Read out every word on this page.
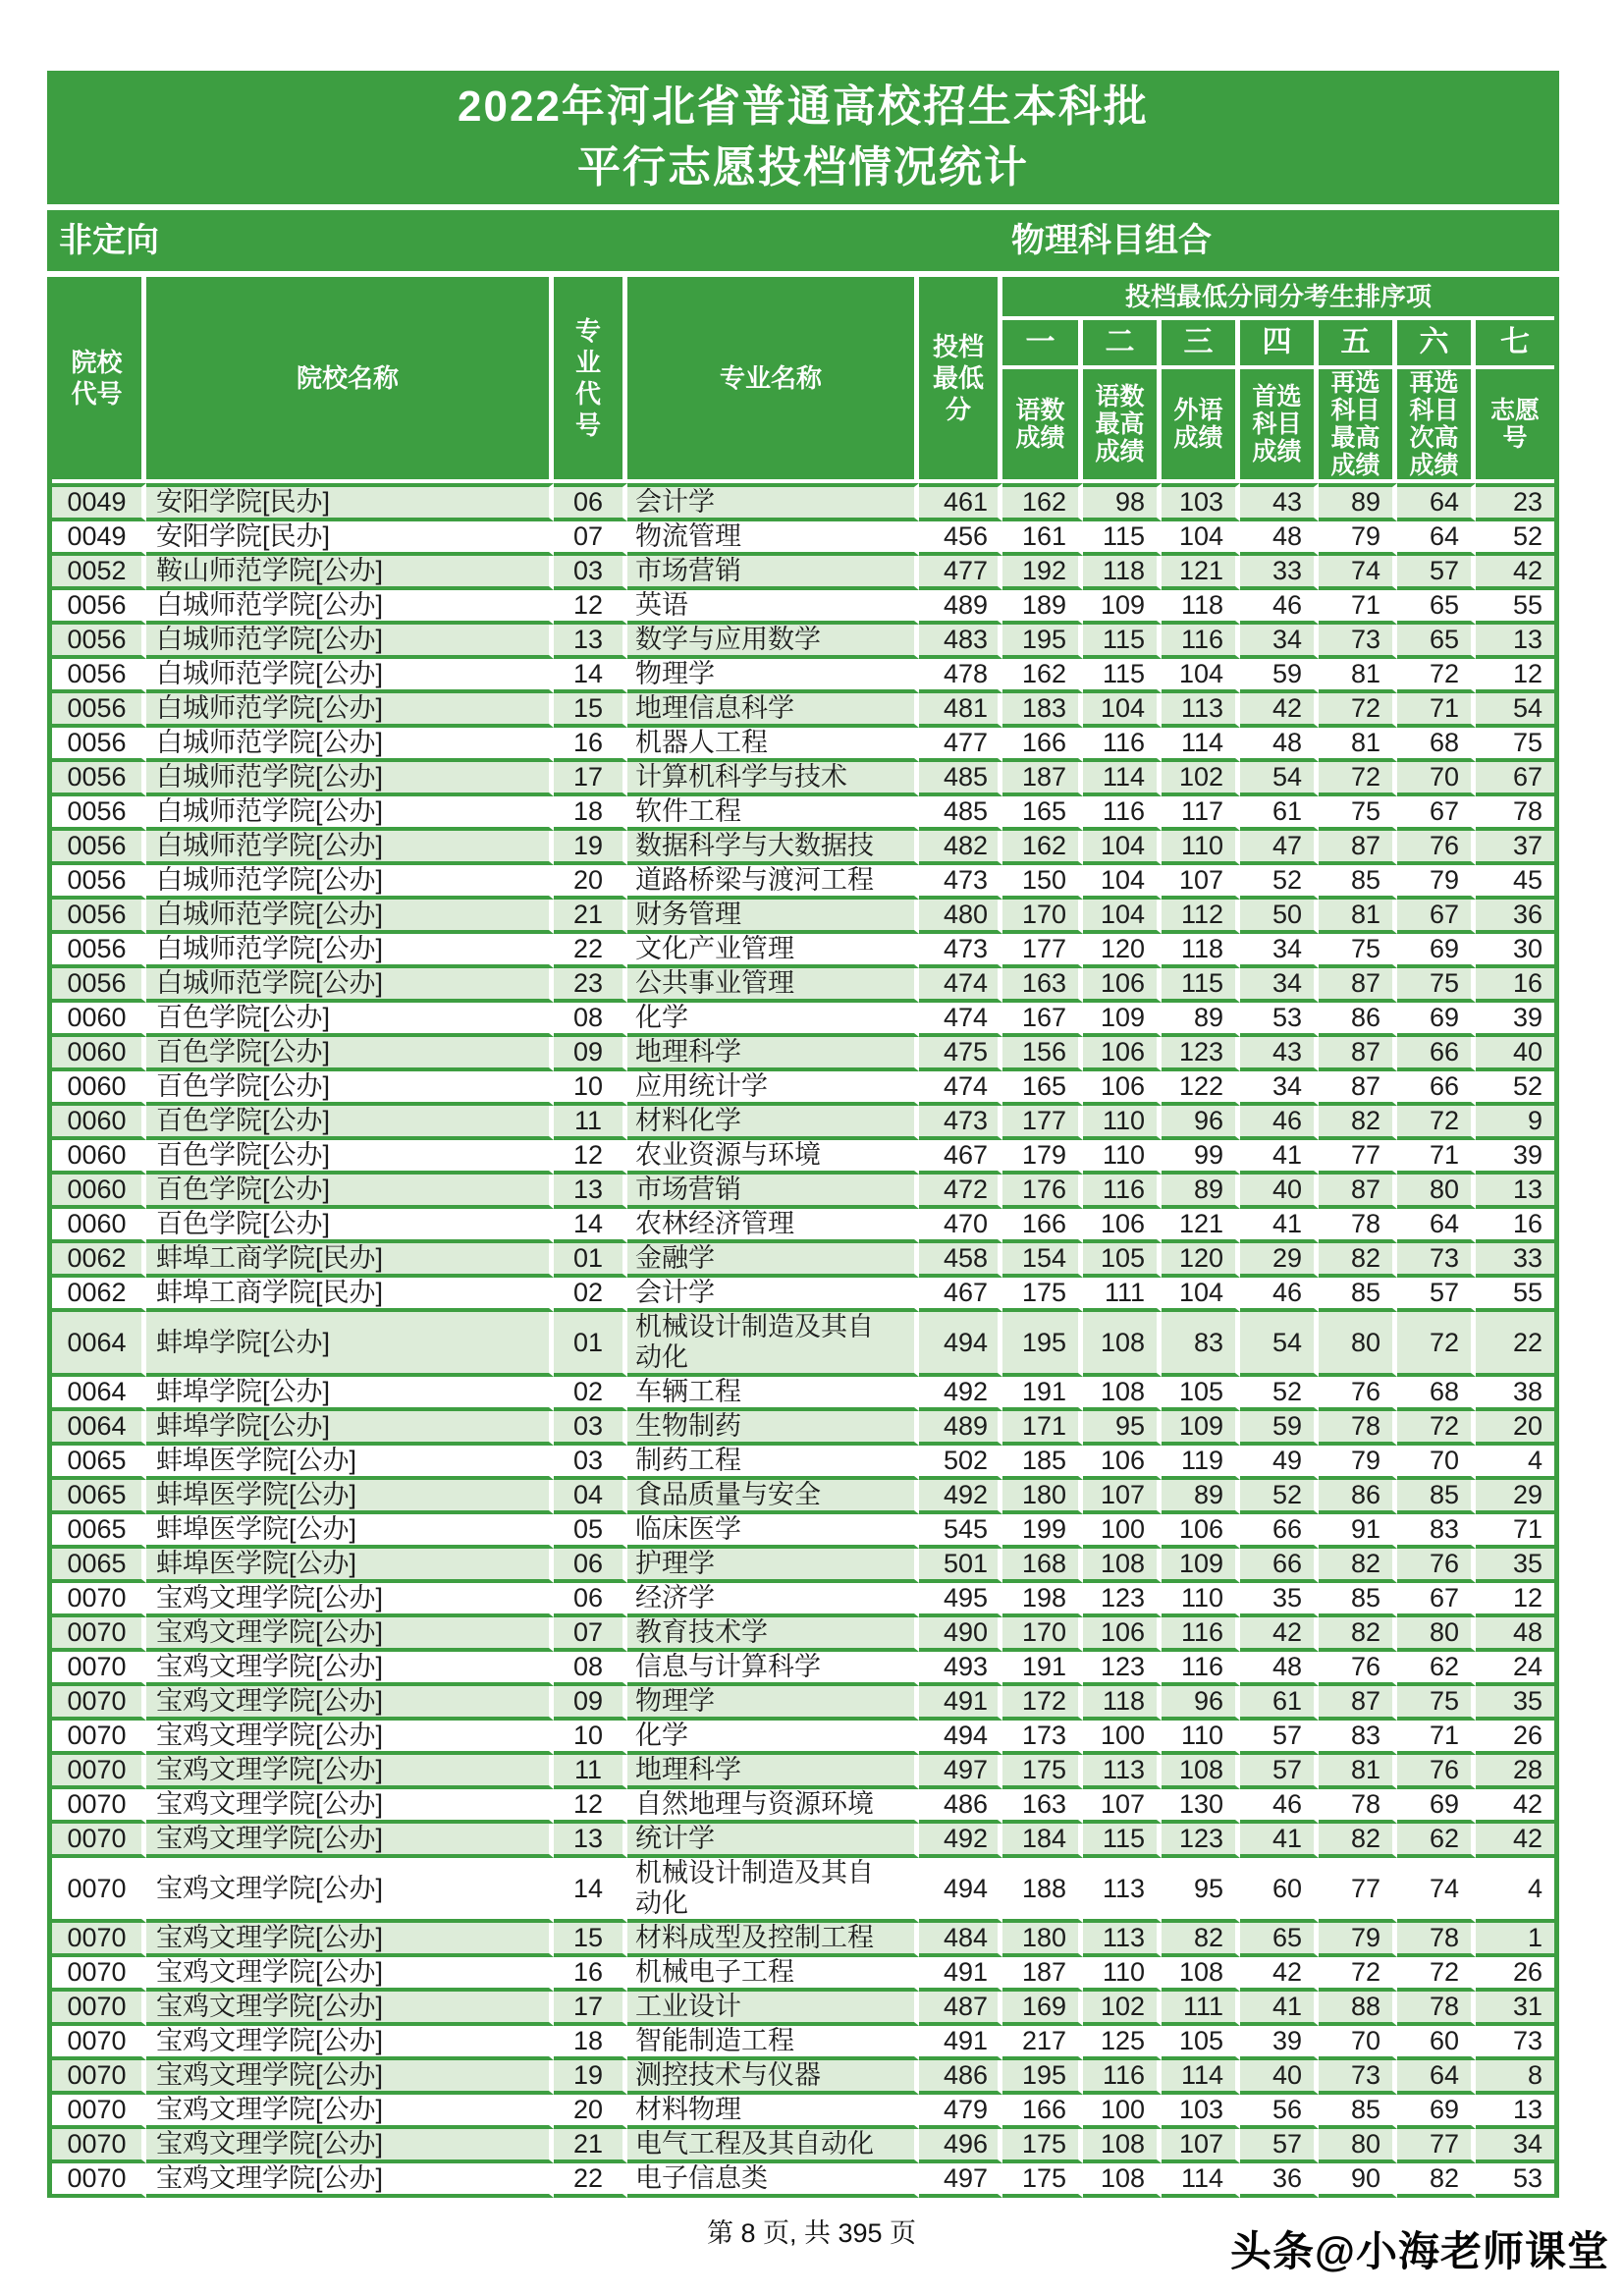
2022年河北省普通高校招生本科批
平行志愿投档情况统计
非定向	物理科目组合
院校代号	院校名称	专业代号	专业名称	投档最低分	投档最低分同分考生排序项						
					一	二	三	四	五	六	七
					语数成绩	语数最高成绩	外语成绩	首选科目成绩	再选科目最高成绩	再选科目次高成绩	志愿号
0049	安阳学院[民办]	06	会计学	461	162	98	103	43	89	64	23
0049	安阳学院[民办]	07	物流管理	456	161	115	104	48	79	64	52
0052	鞍山师范学院[公办]	03	市场营销	477	192	118	121	33	74	57	42
0056	白城师范学院[公办]	12	英语	489	189	109	118	46	71	65	55
0056	白城师范学院[公办]	13	数学与应用数学	483	195	115	116	34	73	65	13
0056	白城师范学院[公办]	14	物理学	478	162	115	104	59	81	72	12
0056	白城师范学院[公办]	15	地理信息科学	481	183	104	113	42	72	71	54
0056	白城师范学院[公办]	16	机器人工程	477	166	116	114	48	81	68	75
0056	白城师范学院[公办]	17	计算机科学与技术	485	187	114	102	54	72	70	67
0056	白城师范学院[公办]	18	软件工程	485	165	116	117	61	75	67	78
0056	白城师范学院[公办]	19	数据科学与大数据技	482	162	104	110	47	87	76	37
0056	白城师范学院[公办]	20	道路桥梁与渡河工程	473	150	104	107	52	85	79	45
0056	白城师范学院[公办]	21	财务管理	480	170	104	112	50	81	67	36
0056	白城师范学院[公办]	22	文化产业管理	473	177	120	118	34	75	69	30
0056	白城师范学院[公办]	23	公共事业管理	474	163	106	115	34	87	75	16
0060	百色学院[公办]	08	化学	474	167	109	89	53	86	69	39
0060	百色学院[公办]	09	地理科学	475	156	106	123	43	87	66	40
0060	百色学院[公办]	10	应用统计学	474	165	106	122	34	87	66	52
0060	百色学院[公办]	11	材料化学	473	177	110	96	46	82	72	9
0060	百色学院[公办]	12	农业资源与环境	467	179	110	99	41	77	71	39
0060	百色学院[公办]	13	市场营销	472	176	116	89	40	87	80	13
0060	百色学院[公办]	14	农林经济管理	470	166	106	121	41	78	64	16
0062	蚌埠工商学院[民办]	01	金融学	458	154	105	120	29	82	73	33
0062	蚌埠工商学院[民办]	02	会计学	467	175	111	104	46	85	57	55
0064	蚌埠学院[公办]	01	机械设计制造及其自动化	494	195	108	83	54	80	72	22
0064	蚌埠学院[公办]	02	车辆工程	492	191	108	105	52	76	68	38
0064	蚌埠学院[公办]	03	生物制药	489	171	95	109	59	78	72	20
0065	蚌埠医学院[公办]	03	制药工程	502	185	106	119	49	79	70	4
0065	蚌埠医学院[公办]	04	食品质量与安全	492	180	107	89	52	86	85	29
0065	蚌埠医学院[公办]	05	临床医学	545	199	100	106	66	91	83	71
0065	蚌埠医学院[公办]	06	护理学	501	168	108	109	66	82	76	35
0070	宝鸡文理学院[公办]	06	经济学	495	198	123	110	35	85	67	12
0070	宝鸡文理学院[公办]	07	教育技术学	490	170	106	116	42	82	80	48
0070	宝鸡文理学院[公办]	08	信息与计算科学	493	191	123	116	48	76	62	24
0070	宝鸡文理学院[公办]	09	物理学	491	172	118	96	61	87	75	35
0070	宝鸡文理学院[公办]	10	化学	494	173	100	110	57	83	71	26
0070	宝鸡文理学院[公办]	11	地理科学	497	175	113	108	57	81	76	28
0070	宝鸡文理学院[公办]	12	自然地理与资源环境	486	163	107	130	46	78	69	42
0070	宝鸡文理学院[公办]	13	统计学	492	184	115	123	41	82	62	42
0070	宝鸡文理学院[公办]	14	机械设计制造及其自动化	494	188	113	95	60	77	74	4
0070	宝鸡文理学院[公办]	15	材料成型及控制工程	484	180	113	82	65	79	78	1
0070	宝鸡文理学院[公办]	16	机械电子工程	491	187	110	108	42	72	72	26
0070	宝鸡文理学院[公办]	17	工业设计	487	169	102	111	41	88	78	31
0070	宝鸡文理学院[公办]	18	智能制造工程	491	217	125	105	39	70	60	73
0070	宝鸡文理学院[公办]	19	测控技术与仪器	486	195	116	114	40	73	64	8
0070	宝鸡文理学院[公办]	20	材料物理	479	166	100	103	56	85	69	13
0070	宝鸡文理学院[公办]	21	电气工程及其自动化	496	175	108	107	57	80	77	34
0070	宝鸡文理学院[公办]	22	电子信息类	497	175	108	114	36	90	82	53
第 8 页, 共 395 页	头条@小海老师课堂
